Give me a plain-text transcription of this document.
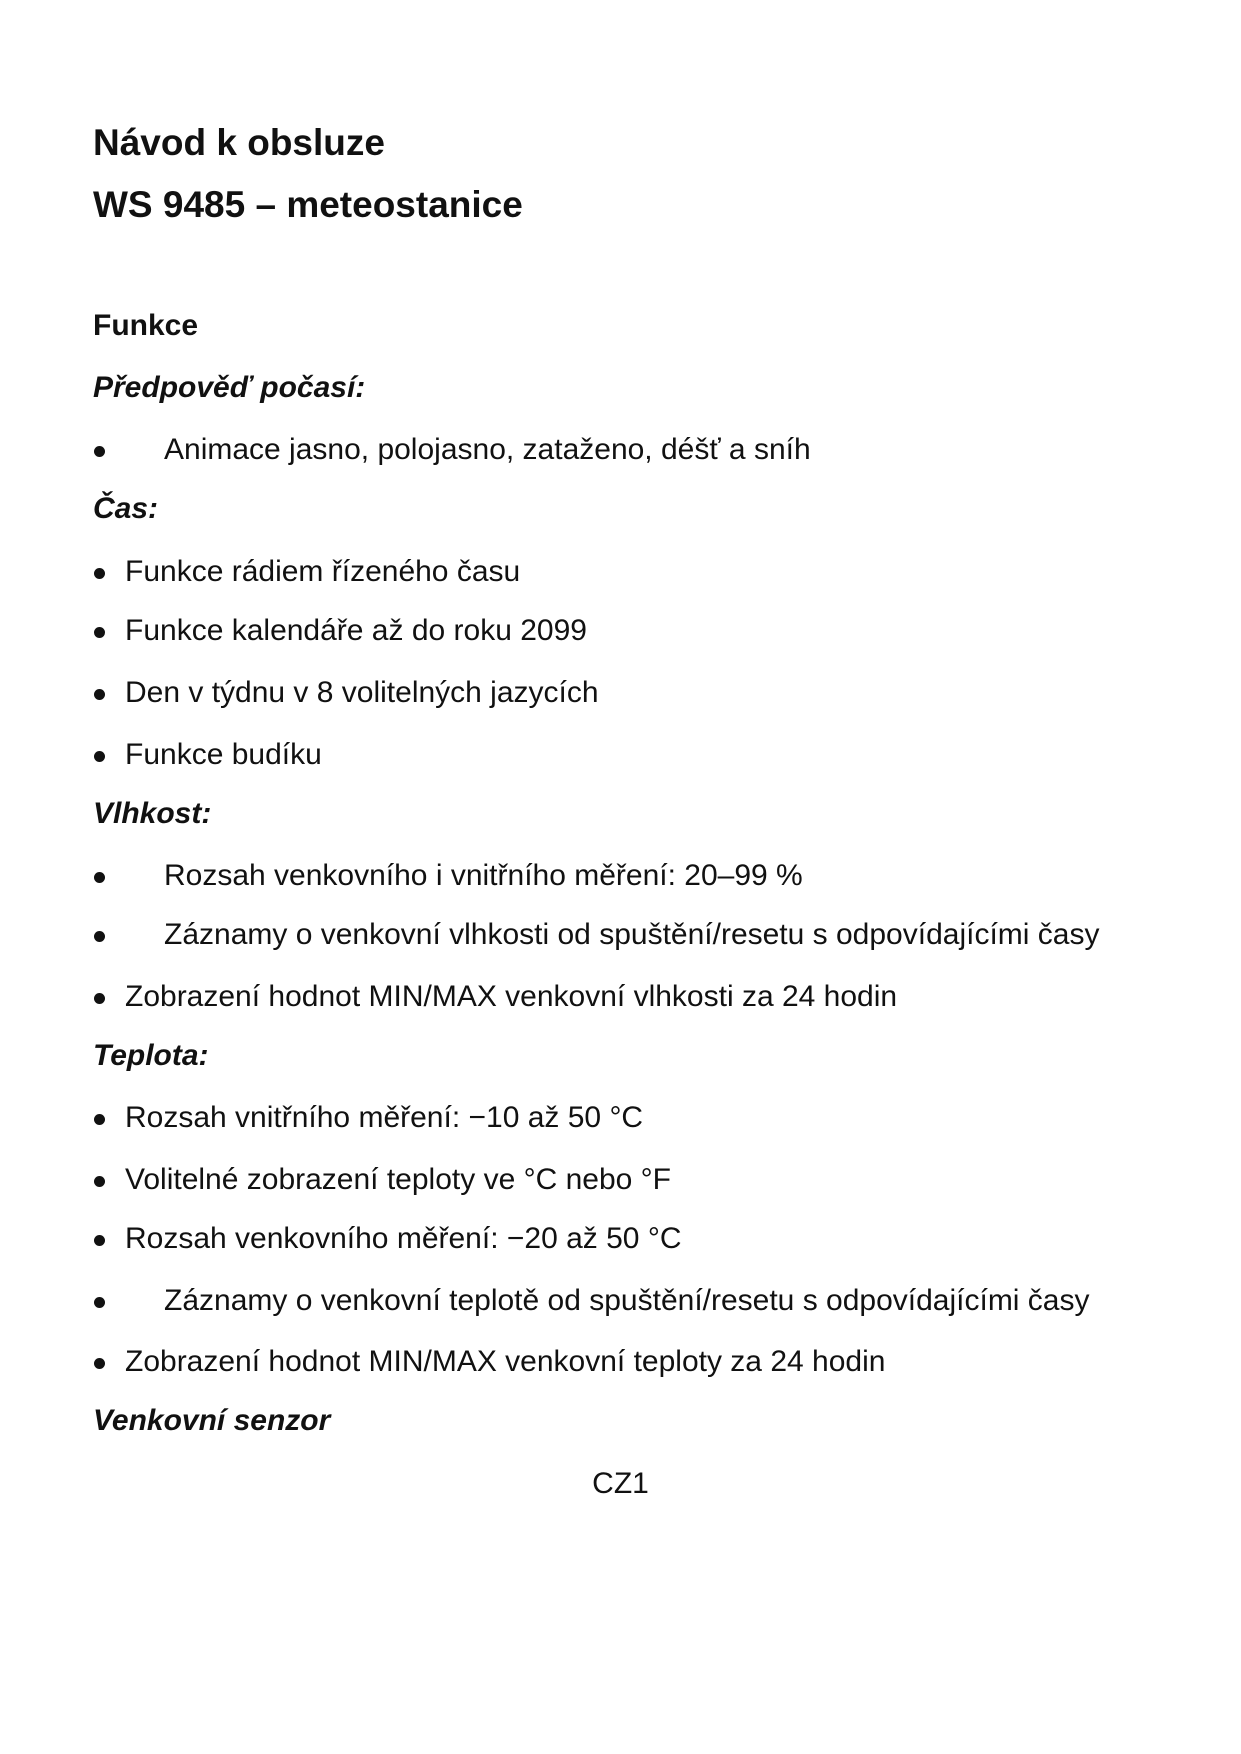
Návod k obsluze
WS 9485 – meteostanice
Funkce
Předpověď počasí:
Animace jasno, polojasno, zataženo, déšť a sníh
Čas:
Funkce rádiem řízeného času
Funkce kalendáře až do roku 2099
Den v týdnu v 8 volitelných jazycích
Funkce budíku
Vlhkost:
Rozsah venkovního i vnitřního měření: 20–99 %
Záznamy o venkovní vlhkosti od spuštění/resetu s odpovídajícími časy
Zobrazení hodnot MIN/MAX venkovní vlhkosti za 24 hodin
Teplota:
Rozsah vnitřního měření: −10 až 50 °C
Volitelné zobrazení teploty ve °C nebo °F
Rozsah venkovního měření: −20 až 50 °C
Záznamy o venkovní teplotě od spuštění/resetu s odpovídajícími časy
Zobrazení hodnot MIN/MAX venkovní teploty za 24 hodin
Venkovní senzor
CZ1
